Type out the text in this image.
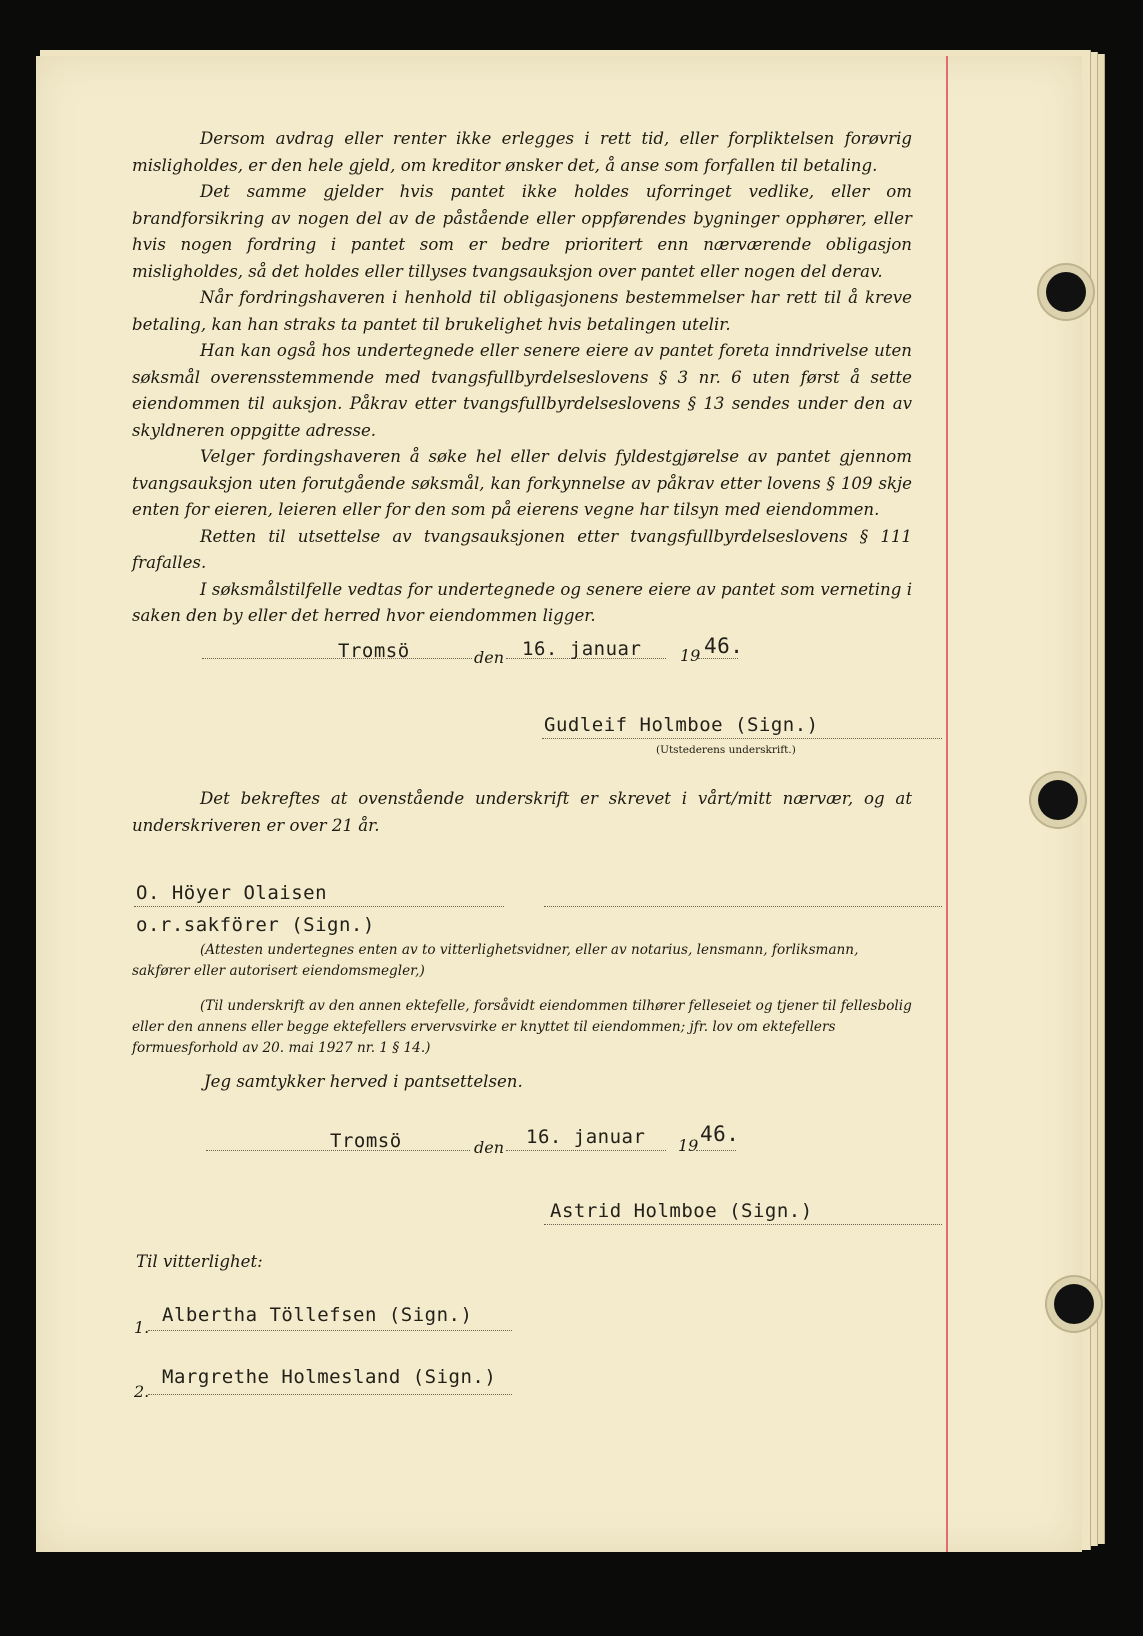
Dersom avdrag eller renter ikke erlegges i rett tid, eller forpliktelsen forøvrig misligholdes, er den hele gjeld, om kreditor ønsker det, å anse som forfallen til betaling.

Det samme gjelder hvis pantet ikke holdes uforringet vedlike, eller om brandforsikring av nogen del av de påstående eller oppførendes bygninger opphører, eller hvis nogen fordring i pantet som er bedre prioritert enn nærværende obligasjon misligholdes, så det holdes eller tillyses tvangsauksjon over pantet eller nogen del derav.

Når fordringshaveren i henhold til obligasjonens bestemmelser har rett til å kreve betaling, kan han straks ta pantet til brukelighet hvis betalingen utelir.

Han kan også hos undertegnede eller senere eiere av pantet foreta inndrivelse uten søksmål overensstemmende med tvangsfullbyrdelseslovens § 3 nr. 6 uten først å sette eiendommen til auksjon. Påkrav etter tvangsfullbyrdelseslovens § 13 sendes under den av skyldneren oppgitte adresse.

Velger fordingshaveren å søke hel eller delvis fyldestgjørelse av pantet gjennom tvangsauksjon uten forutgående søksmål, kan forkynnelse av påkrav etter lovens § 109 skje enten for eieren, leieren eller for den som på eierens vegne har tilsyn med eiendommen.

Retten til utsettelse av tvangsauksjonen etter tvangsfullbyrdelseslovens § 111 frafalles.

I søksmålstilfelle vedtas for undertegnede og senere eiere av pantet som verneting i saken den by eller det herred hvor eiendommen ligger.

Tromsö	den 16. januar 19 46.
Gudleif Holmboe (Sign.)
(Utstederens underskrift.)
Det bekreftes at ovenstående underskrift er skrevet i vårt/mitt nærvær, og at underskriveren er over 21 år.
O. Höyer Olaisen
o.r.sakförer (Sign.)
(Attesten undertegnes enten av to vitterlighetsvidner, eller av notarius, lensmann, forliksmann, sakfører eller autorisert eiendomsmegler,)
(Til underskrift av den annen ektefelle, forsåvidt eiendommen tilhører felleseiet og tjener til fellesbolig eller den annens eller begge ektefellers ervervsvirke er knyttet til eiendommen; jfr. lov om ektefellers formuesforhold av 20. mai 1927 nr. 1 § 14.)
Jeg samtykker herved i pantsettelsen.
Tromsö	den 16. januar 19 46.
Astrid Holmboe (Sign.)
Til vitterlighet:
1.
Albertha Töllefsen (Sign.)
2.
Margrethe Holmesland (Sign.)
